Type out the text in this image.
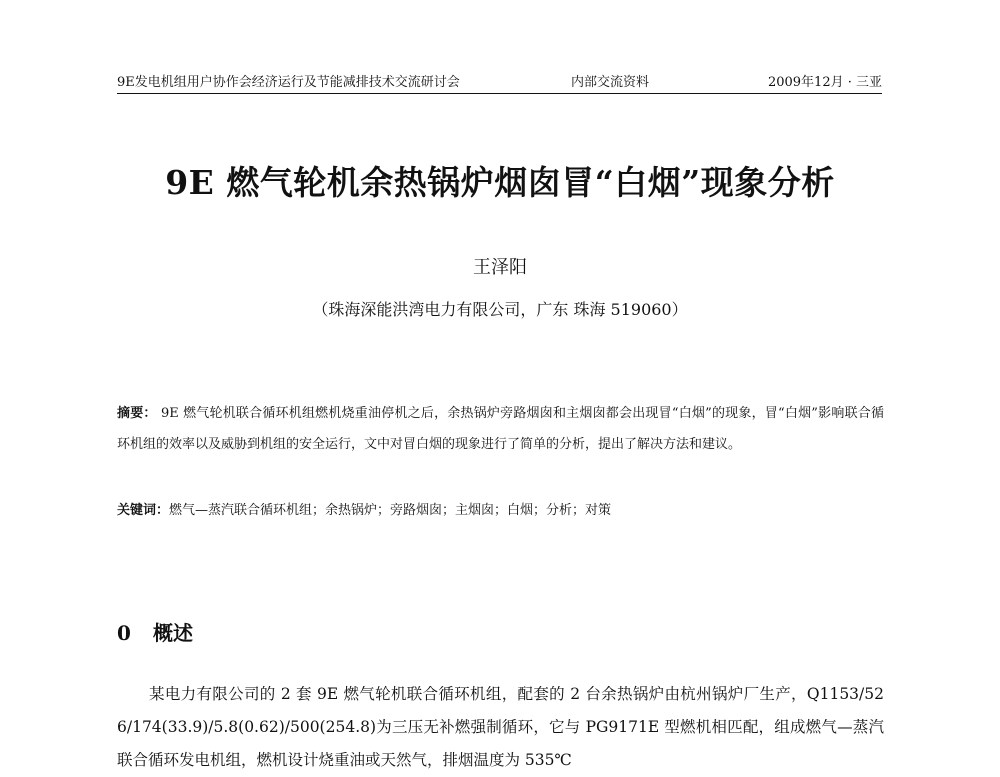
9E发电机组用户协作会经济运行及节能减排技术交流研讨会	内部交流资料	2009年12月 · 三亚
9E 燃气轮机余热锅炉烟囱冒“白烟”现象分析
王泽阳
（珠海深能洪湾电力有限公司，广东 珠海 519060）
摘要： 9E 燃气轮机联合循环机组燃机烧重油停机之后，余热锅炉旁路烟囱和主烟囱都会出现冒“白烟”的现象，冒“白烟”影响联合循环机组的效率以及威胁到机组的安全运行，文中对冒白烟的现象进行了简单的分析，提出了解决方法和建议。
关键词：燃气—蒸汽联合循环机组；余热锅炉；旁路烟囱；主烟囱；白烟；分析；对策
0 概述
某电力有限公司的 2 套 9E 燃气轮机联合循环机组，配套的 2 台余热锅炉由杭州锅炉厂生产，Q1153/526/174(33.9)/5.8(0.62)/500(254.8)为三压无补燃强制循环，它与 PG9171E 型燃机相匹配，组成燃气—蒸汽联合循环发电机组，燃机设计烧重油或天然气，排烟温度为 535℃
